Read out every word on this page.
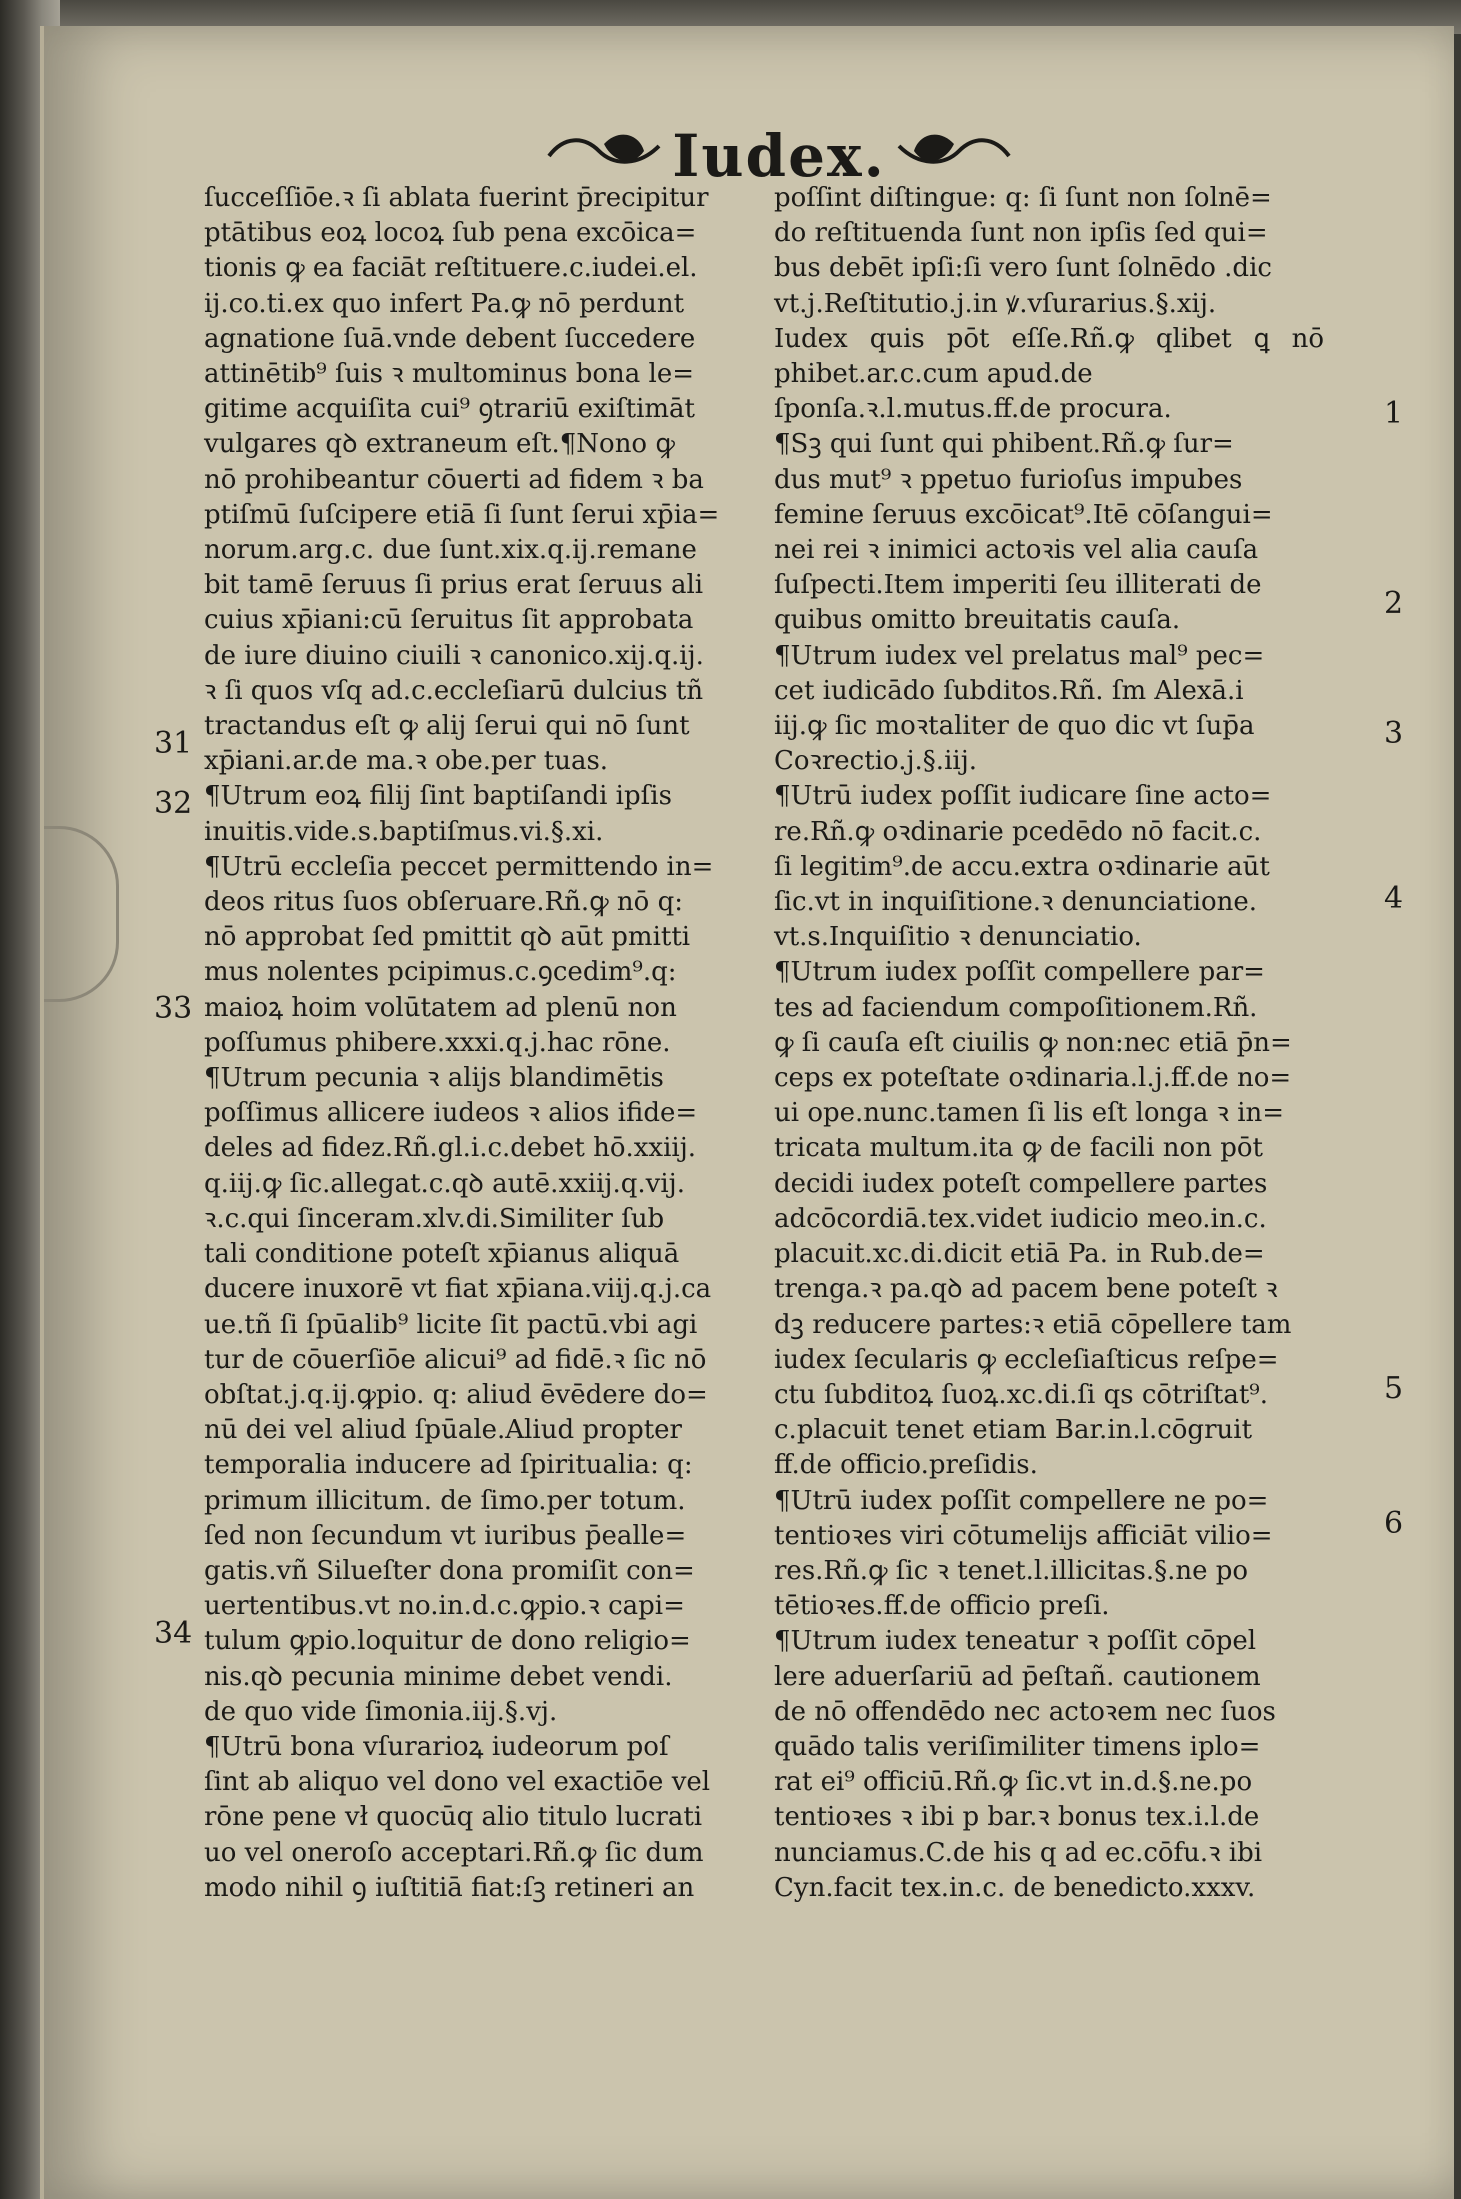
Iudex.

ſucceſſiōe.ꝛ ſi ablata fuerint p̄recipitur

ptātibus eoꝝ locoꝝ ſub pena excōica=

tionis ꝙ ea faciāt reſtituere.c.iudei.el.

ij.co.ti.ex quo infert Pa.ꝙ nō perdunt

agnatione ſuā.vnde debent ſuccedere

attinētib⁹ ſuis ꝛ multominus bona le=

gitime acquiſita cui⁹ ꝯtrariū exiſtimāt

vulgares qꝺ extraneum eſt.¶Nono ꝙ

nō prohibeantur cōuerti ad fidem ꝛ ba

ptiſmū ſuſcipere etiā ſi ſunt ſerui xp̄ia=

norum.arg.c. due ſunt.xix.q.ij.remane

bit tamē ſeruus ſi prius erat ſeruus ali

cuius xp̄iani:cū ſeruitus ſit approbata

de iure diuino ciuili ꝛ canonico.xij.q.ij.

ꝛ ſi quos vſq ad.c.eccleſiarū dulcius tñ

tractandus eſt ꝙ alij ſerui qui nō ſunt

xp̄iani.ar.de ma.ꝛ obe.per tuas.

¶Utrum eoꝝ filij ſint baptiſandi ipſis

inuitis.vide.s.baptiſmus.vi.§.xi.

¶Utrū eccleſia peccet permittendo in=

deos ritus ſuos obſeruare.Rñ.ꝙ nō q:

nō approbat ſed pmittit qꝺ aūt pmitti

mus nolentes pcipimus.c.ꝯcedim⁹.q:

maioꝝ hoim volūtatem ad plenū non

poſſumus phibere.xxxi.q.j.hac rōne.

¶Utrum pecunia ꝛ alijs blandimētis

poſſimus allicere iudeos ꝛ alios ifide=

deles ad fidez.Rñ.gl.i.c.debet hō.xxiij.

q.iij.ꝙ ſic.allegat.c.qꝺ autē.xxiij.q.vij.

ꝛ.c.qui ſinceram.xlv.di.Similiter ſub

tali conditione poteſt xp̄ianus aliquā

ducere inuxorē vt fiat xp̄iana.viij.q.j.ca

ue.tñ ſi ſpūalib⁹ licite ſit pactū.vbi agi

tur de cōuerſiōe alicui⁹ ad fidē.ꝛ ſic nō

obſtat.j.q.ij.ꝙpio. q: aliud ēvēdere do=

nū dei vel aliud ſpūale.Aliud propter

temporalia inducere ad ſpiritualia: q:

primum illicitum. de ſimo.per totum.

ſed non ſecundum vt iuribus p̄ealle=

gatis.vñ Silueſter dona promiſit con=

uertentibus.vt no.in.d.c.ꝙpio.ꝛ capi=

tulum ꝙpio.loquitur de dono religio=

nis.qꝺ pecunia minime debet vendi.

de quo vide ſimonia.iij.§.vj.

¶Utrū bona vſurarioꝝ iudeorum poſ

ſint ab aliquo vel dono vel exactiōe vel

rōne pene vł quocūq alio titulo lucrati

uo vel oneroſo acceptari.Rñ.ꝙ ſic dum

modo nihil ꝯ iuſtitiā fiat:ſꝫ retineri an

poſſint diſtingue: q: ſi ſunt non ſolnē=

do reſtituenda ſunt non ipſis ſed qui=

bus debēt ipſi:ſi vero ſunt ſolnēdo .dic

vt.j.Reſtitutio.j.in ꝟ.vſurarius.§.xij.

Iudex quis pōt eſſe.Rñ.ꝙ qlibet ꝗ nō phibet.ar.c.cum apud.de

ſponſa.ꝛ.l.mutus.ff.de procura.

¶Sꝫ qui ſunt qui phibent.Rñ.ꝙ ſur=

dus mut⁹ ꝛ ppetuo furioſus impubes

femine ſeruus excōicat⁹.Itē cōſangui=

nei rei ꝛ inimici actoꝛis vel alia cauſa

ſuſpecti.Item imperiti ſeu illiterati de

quibus omitto breuitatis cauſa.

¶Utrum iudex vel prelatus mal⁹ pec=

cet iudicādo ſubditos.Rñ. ſm Alexā.i

iij.ꝙ ſic moꝛtaliter de quo dic vt ſup̄a

Coꝛrectio.j.§.iij.

¶Utrū iudex poſſit iudicare ſine acto=

re.Rñ.ꝙ oꝛdinarie pcedēdo nō facit.c.

ſi legitim⁹.de accu.extra oꝛdinarie aūt

ſic.vt in inquiſitione.ꝛ denunciatione.

vt.s.Inquiſitio ꝛ denunciatio.

¶Utrum iudex poſſit compellere par=

tes ad faciendum compoſitionem.Rñ.

ꝙ ſi cauſa eſt ciuilis ꝙ non:nec etiā p̄n=

ceps ex poteſtate oꝛdinaria.l.j.ff.de no=

ui ope.nunc.tamen ſi lis eſt longa ꝛ in=

tricata multum.ita ꝙ de facili non pōt

decidi iudex poteſt compellere partes

adcōcordiā.tex.videt iudicio meo.in.c.

placuit.xc.di.dicit etiā Pa. in Rub.de=

trenga.ꝛ pa.qꝺ ad pacem bene poteſt ꝛ

dꝫ reducere partes:ꝛ etiā cōpellere tam

iudex ſecularis ꝙ eccleſiaſticus reſpe=

ctu ſubditoꝝ ſuoꝝ.xc.di.ſi qs cōtriſtat⁹.

c.placuit tenet etiam Bar.in.l.cōgruit

ff.de officio.preſidis.

¶Utrū iudex poſſit compellere ne po=

tentioꝛes viri cōtumelijs afficiāt vilio=

res.Rñ.ꝙ ſic ꝛ tenet.l.illicitas.§.ne po

tētioꝛes.ff.de officio preſi.

¶Utrum iudex teneatur ꝛ poſſit cōpel

lere aduerſariū ad p̄eſtañ. cautionem

de nō offendēdo nec actoꝛem nec ſuos

quādo talis veriſimiliter timens iplo=

rat ei⁹ officiū.Rñ.ꝙ ſic.vt in.d.§.ne.po

tentioꝛes ꝛ ibi p bar.ꝛ bonus tex.i.l.de

nunciamus.C.de his q ad ec.cōfu.ꝛ ibi

Cyn.facit tex.in.c. de benedicto.xxxv.

31
32
33
34
1
2
3
4
5
6
